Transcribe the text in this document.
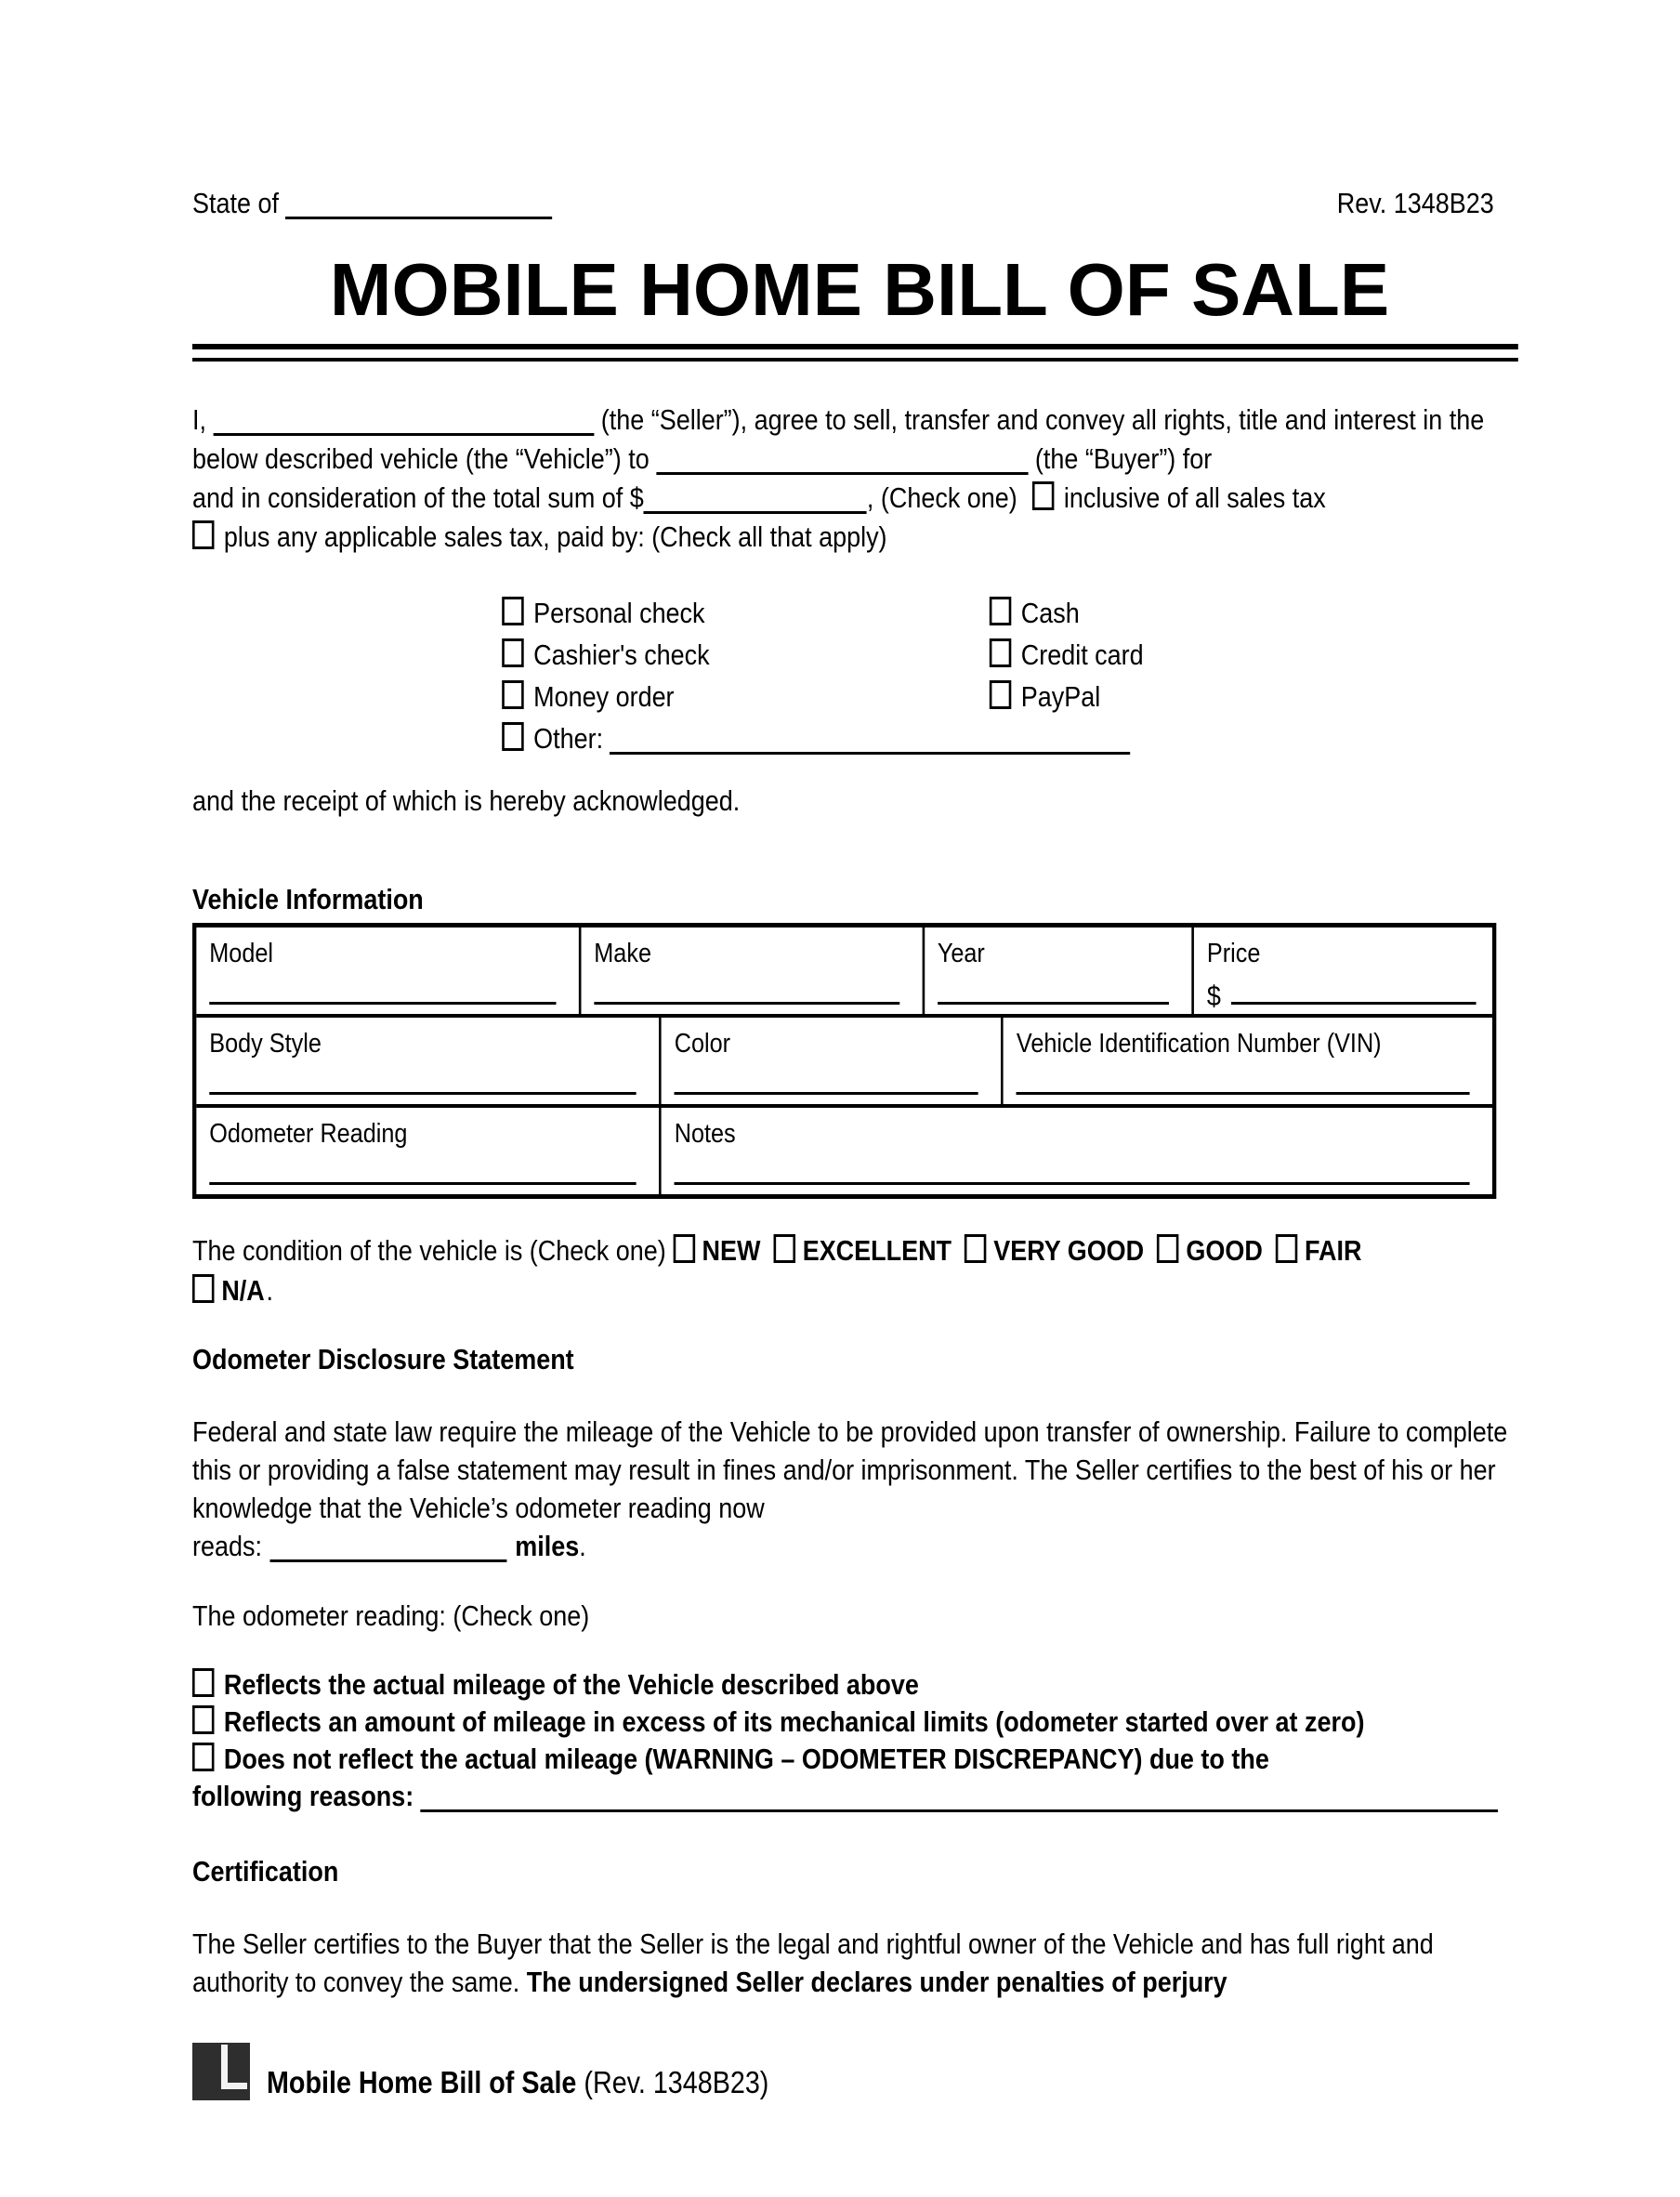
State of	Rev. 1348B23
MOBILE HOME BILL OF SALE

I,	(the “Seller”), agree to sell, transfer and convey all rights, title and interest in the below described vehicle (the “Vehicle”) to	(the “Buyer”) for
and in consideration of the total sum of $	, (Check one) inclusive of all sales tax
plus any applicable sales tax, paid by: (Check all that apply)

Personal check	Cash
Cashier's check	Credit card
Money order	PayPal
Other:

and the receipt of which is hereby acknowledged.

Vehicle Information
Model	Make	Year	Price
$
Body Style	Color	Vehicle Identification Number (VIN)
Odometer Reading	Notes

The condition of the vehicle is (Check one) NEW EXCELLENT VERY GOOD GOOD FAIR
N/A.

Odometer Disclosure Statement

Federal and state law require the mileage of the Vehicle to be provided upon transfer of ownership. Failure to complete this or providing a false statement may result in fines and/or imprisonment. The Seller certifies to the best of his or her knowledge that the Vehicle’s odometer reading now
reads:	miles.

The odometer reading: (Check one)

Reflects the actual mileage of the Vehicle described above
Reflects an amount of mileage in excess of its mechanical limits (odometer started over at zero)
Does not reflect the actual mileage (WARNING – ODOMETER DISCREPANCY) due to the
following reasons:
Certification

The Seller certifies to the Buyer that the Seller is the legal and rightful owner of the Vehicle and has full right and authority to convey the same. The undersigned Seller declares under penalties of perjury

Mobile Home Bill of Sale (Rev. 1348B23)
